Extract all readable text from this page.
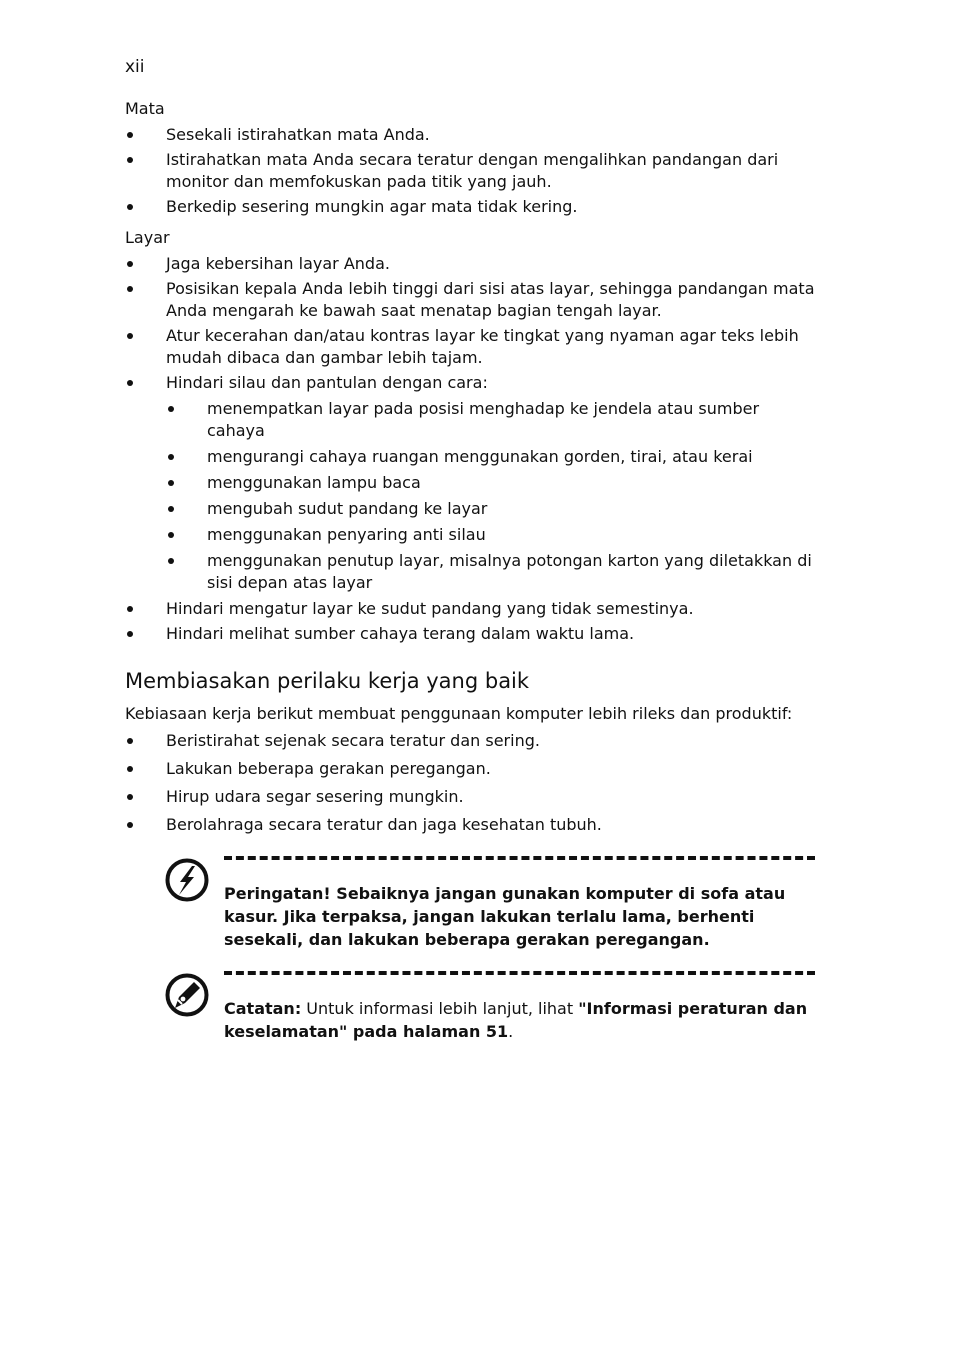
xii
Mata
Sesekali istirahatkan mata Anda.
Istirahatkan mata Anda secara teratur dengan mengalihkan pandangan dari monitor dan memfokuskan pada titik yang jauh.
Berkedip sesering mungkin agar mata tidak kering.
Layar
Jaga kebersihan layar Anda.
Posisikan kepala Anda lebih tinggi dari sisi atas layar, sehingga pandangan mata Anda mengarah ke bawah saat menatap bagian tengah layar.
Atur kecerahan dan/atau kontras layar ke tingkat yang nyaman agar teks lebih mudah dibaca dan gambar lebih tajam.
Hindari silau dan pantulan dengan cara:
menempatkan layar pada posisi menghadap ke jendela atau sumber cahaya
mengurangi cahaya ruangan menggunakan gorden, tirai, atau kerai
menggunakan lampu baca
mengubah sudut pandang ke layar
menggunakan penyaring anti silau
menggunakan penutup layar, misalnya potongan karton yang diletakkan di sisi depan atas layar
Hindari mengatur layar ke sudut pandang yang tidak semestinya.
Hindari melihat sumber cahaya terang dalam waktu lama.
Membiasakan perilaku kerja yang baik

Kebiasaan kerja berikut membuat penggunaan komputer lebih rileks dan produktif:

Beristirahat sejenak secara teratur dan sering.
Lakukan beberapa gerakan peregangan.
Hirup udara segar sesering mungkin.
Berolahraga secara teratur dan jaga kesehatan tubuh.

Peringatan! Sebaiknya jangan gunakan komputer di sofa atau kasur. Jika terpaksa, jangan lakukan terlalu lama, berhenti sesekali, dan lakukan beberapa gerakan peregangan.

Catatan: Untuk informasi lebih lanjut, lihat "Informasi peraturan dan keselamatan" pada halaman 51.
